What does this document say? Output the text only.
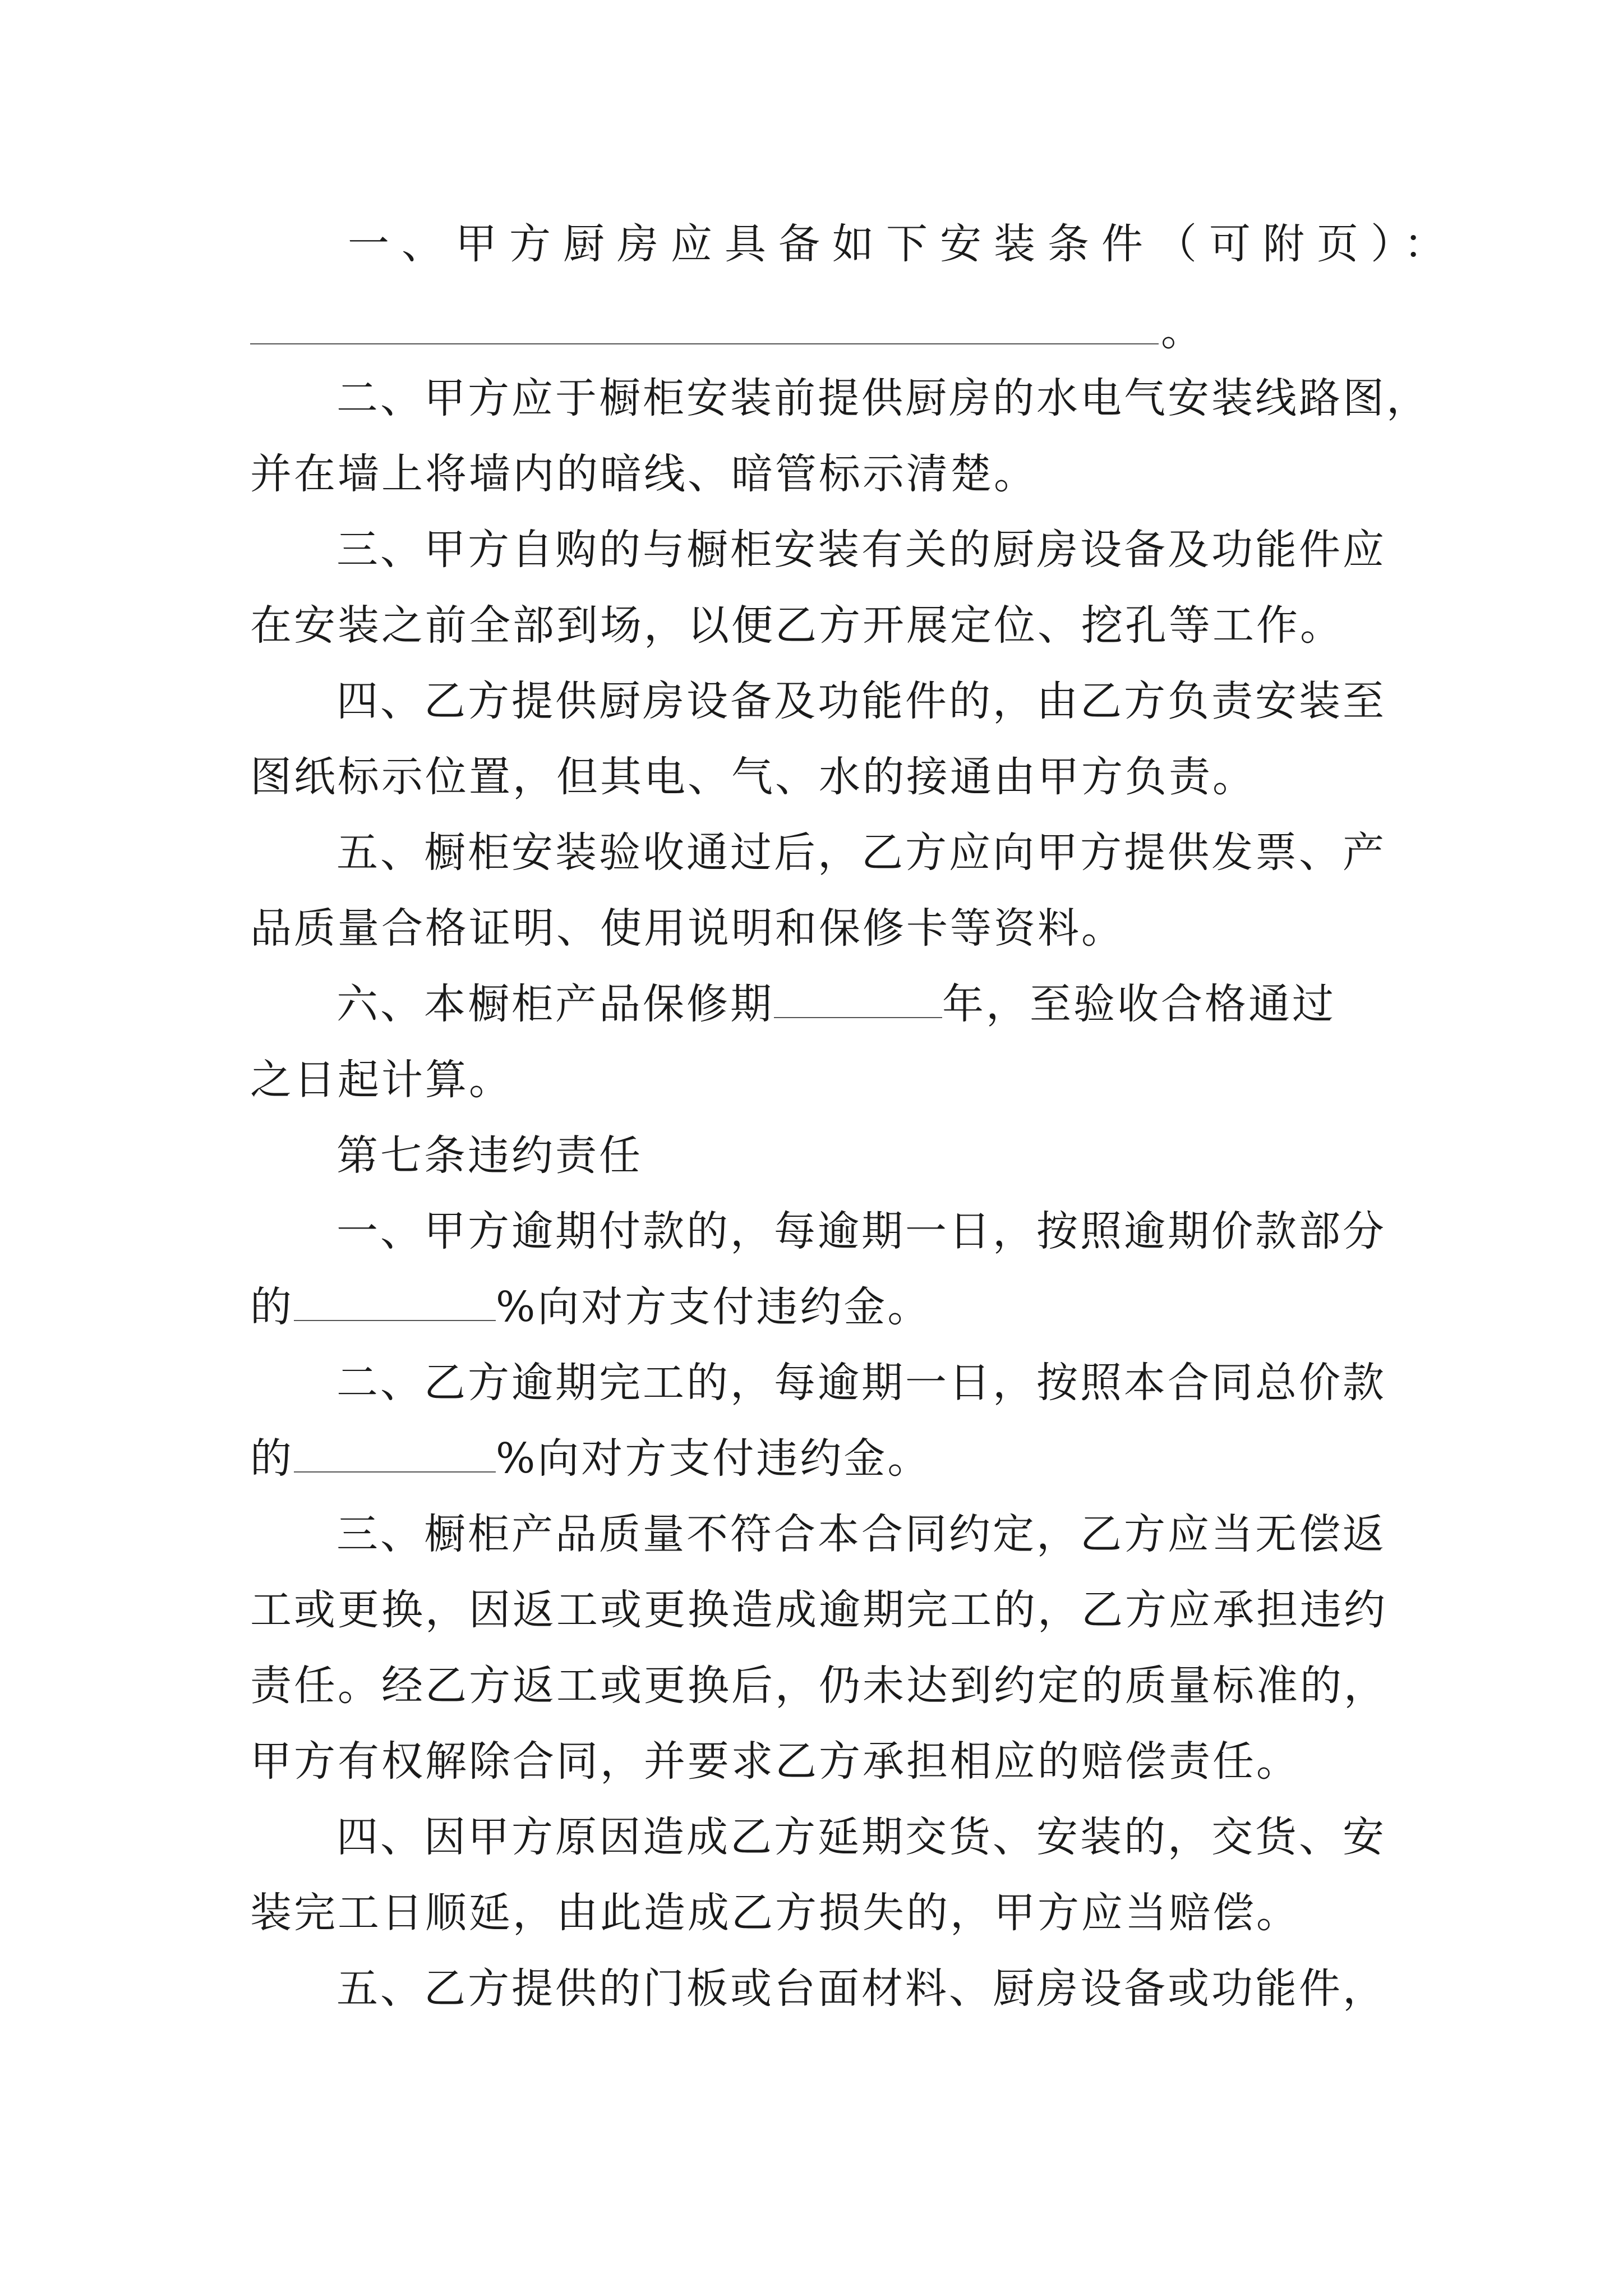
一、甲方厨房应具备如下安装条件（可附页）：
。
二、甲方应于橱柜安装前提供厨房的水电气安装线路图，
并在墙上将墙内的暗线、暗管标示清楚。
三、甲方自购的与橱柜安装有关的厨房设备及功能件应
在安装之前全部到场，以便乙方开展定位、挖孔等工作。
四、乙方提供厨房设备及功能件的，由乙方负责安装至
图纸标示位置，但其电、气、水的接通由甲方负责。
五、橱柜安装验收通过后，乙方应向甲方提供发票、产
品质量合格证明、使用说明和保修卡等资料。
六、本橱柜产品保修期	年，至验收合格通过
之日起计算。
第七条违约责任
一、甲方逾期付款的，每逾期一日，按照逾期价款部分
的	%向对方支付违约金。
二、乙方逾期完工的，每逾期一日，按照本合同总价款
的	%向对方支付违约金。
三、橱柜产品质量不符合本合同约定，乙方应当无偿返
工或更换，因返工或更换造成逾期完工的，乙方应承担违约
责任。经乙方返工或更换后，仍未达到约定的质量标准的，
甲方有权解除合同，并要求乙方承担相应的赔偿责任。
四、因甲方原因造成乙方延期交货、安装的，交货、安
装完工日顺延，由此造成乙方损失的，甲方应当赔偿。
五、乙方提供的门板或台面材料、厨房设备或功能件，
